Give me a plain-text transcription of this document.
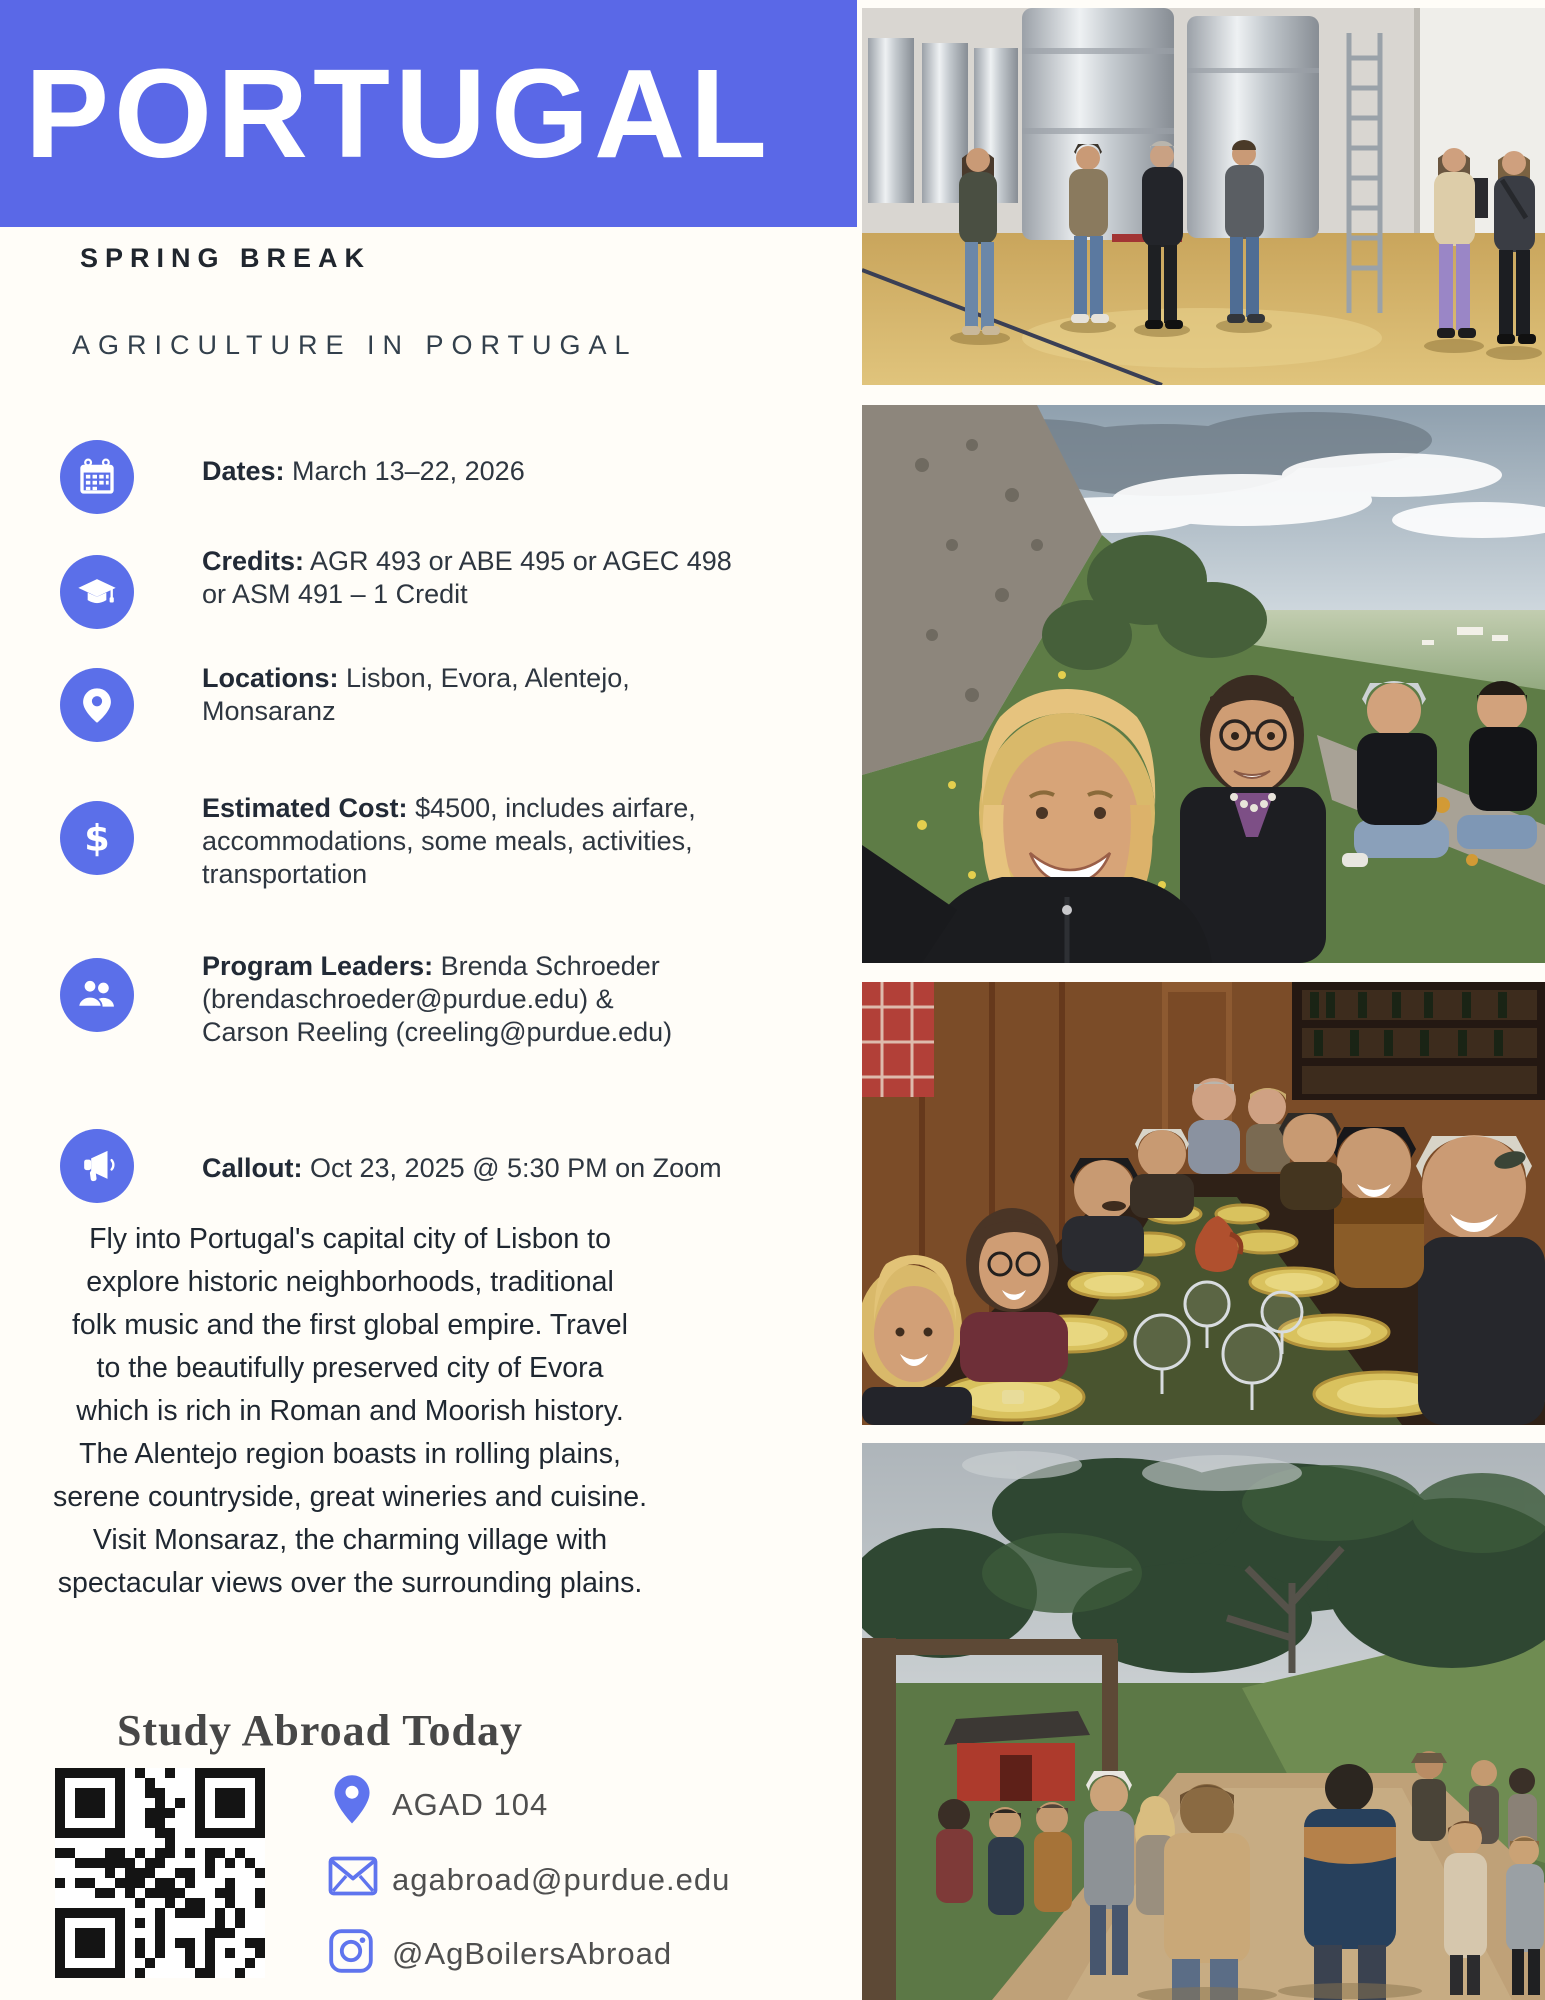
PORTUGAL
SPRING BREAK
AGRICULTURE IN PORTUGAL
$
Dates: March 13–22, 2026
Credits: AGR 493 or ABE 495 or AGEC 498
or ASM 491 – 1 Credit
Locations: Lisbon, Evora, Alentejo,
Monsaranz
Estimated Cost: $4500, includes airfare,
accommodations, some meals, activities,
transportation
Program Leaders: Brenda Schroeder
(brendaschroeder@purdue.edu) &
Carson Reeling (creeling@purdue.edu)
Callout: Oct 23, 2025 @ 5:30 PM on Zoom
Fly into Portugal's capital city of Lisbon to
explore historic neighborhoods, traditional
folk music and the first global empire. Travel
to the beautifully preserved city of Evora
which is rich in Roman and Moorish history.
The Alentejo region boasts in rolling plains,
serene countryside, great wineries and cuisine.
Visit Monsaraz, the charming village with
spectacular views over the surrounding plains.
Study Abroad Today
AGAD 104
agabroad@purdue.edu
@AgBoilersAbroad
